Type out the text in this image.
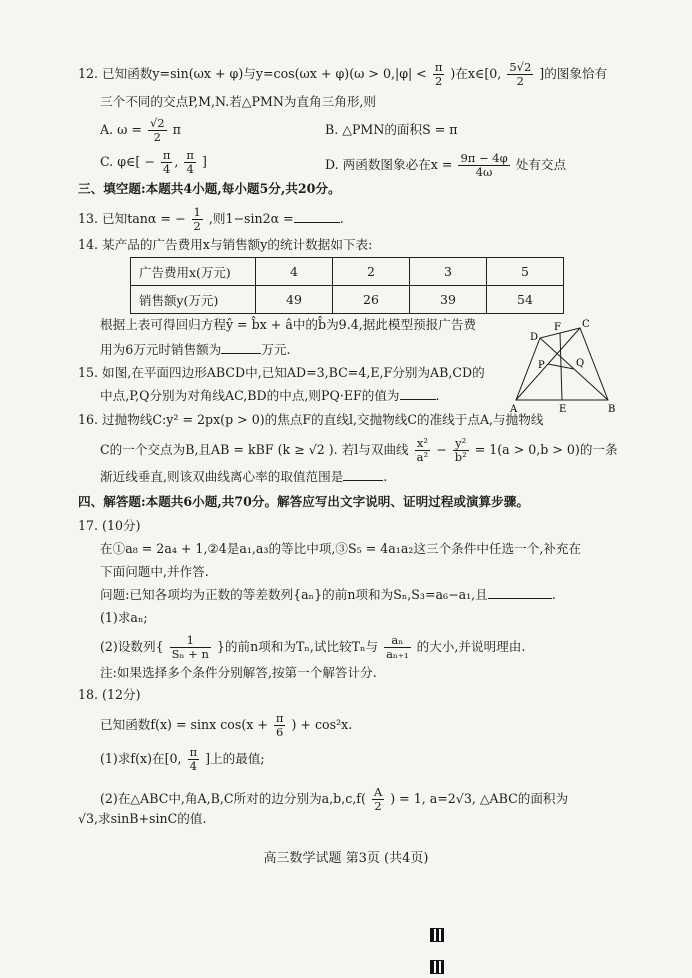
12. 已知函数y=sin(ωx + φ)与$y=\cos(\omega x + \varphi)(\omega > 0,|\varphi| < \frac{\pi}{2}$ )在x∈[0, $\frac{5√2}{2}$ ]的图象恰有
三个不同的交点P,M,N.若△PMN为直角三角形,则
A. $\omega = \frac{√2}{2}$ π	B. △PMN的面积S = π
C. φ∈[ − $\frac{\pi}{4}$ , $\frac{\pi}{4}$ ]	D. 两函数图象必在$x = \frac{9\pi - 4\varphi}{4\omega}$ 处有交点
三、填空题:本题共4小题,每小题5分,共20分。
13. 已知tanα = − $\frac{1}{2}$ ,则1−sin2α =	.
14. 某产品的广告费用x与销售额y的统计数据如下表:
广告费用x(万元)	4	2	3	5
销售额y(万元)	49	26	39	54
根据上表可得回归方程ŷ = b̂x + â中的b̂为9.4,据此模型预报广告费
用为6万元时销售额为	万元.
D
F C
P	Q
A	E	B
15. 如图,在平面四边形ABCD中,已知AD=3,BC=4,E,F分别为AB,CD的
中点,P,Q分别为对角线AC,BD的中点,则PQ·EF的值为	.
16. 过抛物线C:y² = 2px(p > 0)的焦点F的直线l,交抛物线C的准线于点A,与抛物线
C的一个交点为B,且AB = kBF (k ≥ √2 ). 若l与双曲线 $\frac{\text{x²}}{\text{a²}} - \frac{\text{y²}}{\text{b²}} = 1(a > 0,b > 0)$的一条
渐近线垂直,则该双曲线离心率的取值范围是	.
四、解答题:本题共6小题,共70分。解答应写出文字说明、证明过程或演算步骤。
17. (10分)
在①a₈ = 2a₄ + 1,②4是a₁,a₃的等比中项,③S₅ = 4a₁a₂这三个条件中任选一个,补充在
下面问题中,并作答.
问题:已知各项均为正数的等差数列{aₙ}的前n项和为Sₙ,S₃=a₆−a₁,且	.
(1)求aₙ;
(2)设数列{ $\frac{1}{\text{Sₙ + n}}$ }的前n项和为Tₙ,试比较Tₙ与 $\frac{\text{aₙ}}{\text{aₙ₊₁}}$ 的大小,并说明理由.
注:如果选择多个条件分别解答,按第一个解答计分.
18. (12分)
已知函数f(x) = sinx $\cos(x + \frac{\pi}{6}$ ) + cos²x.
(1)求f(x)在[0, $\frac{\pi}{4}$ ]上的最值;
(2)在△ABC中,角A,B,C所对的边分别为$a,b,c,f( \frac{A}{2}$ ) = 1, a=2√3, △ABC的面积为
√3,求sinB+sinC的值.
高三数学试题 第3页 (共4页)
